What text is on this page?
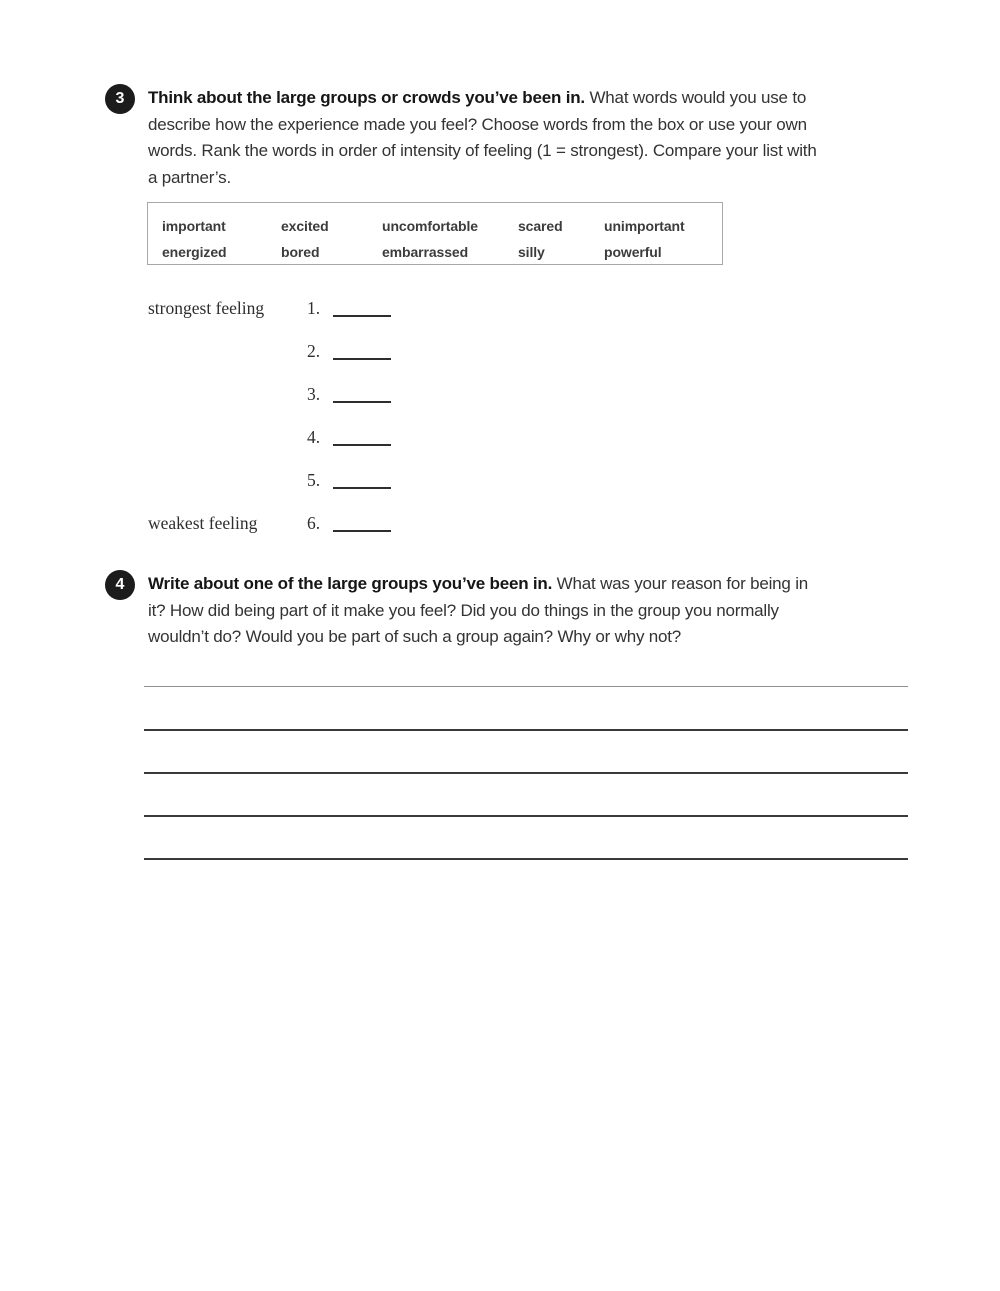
3	Think about the large groups or crowds you’ve been in. What words would you use to
describe how the experience made you feel? Choose words from the box or use your own
words. Rank the words in order of intensity of feeling (1 = strongest). Compare your list with
a partner’s.
important	excited	uncomfortable	scared	unimportant
energized	bored	embarrassed	silly	powerful
strongest feeling	1.
2.
3.
4.
5.
weakest feeling	6.
4	Write about one of the large groups you’ve been in. What was your reason for being in
it? How did being part of it make you feel? Did you do things in the group you normally
wouldn’t do? Would you be part of such a group again? Why or why not?
